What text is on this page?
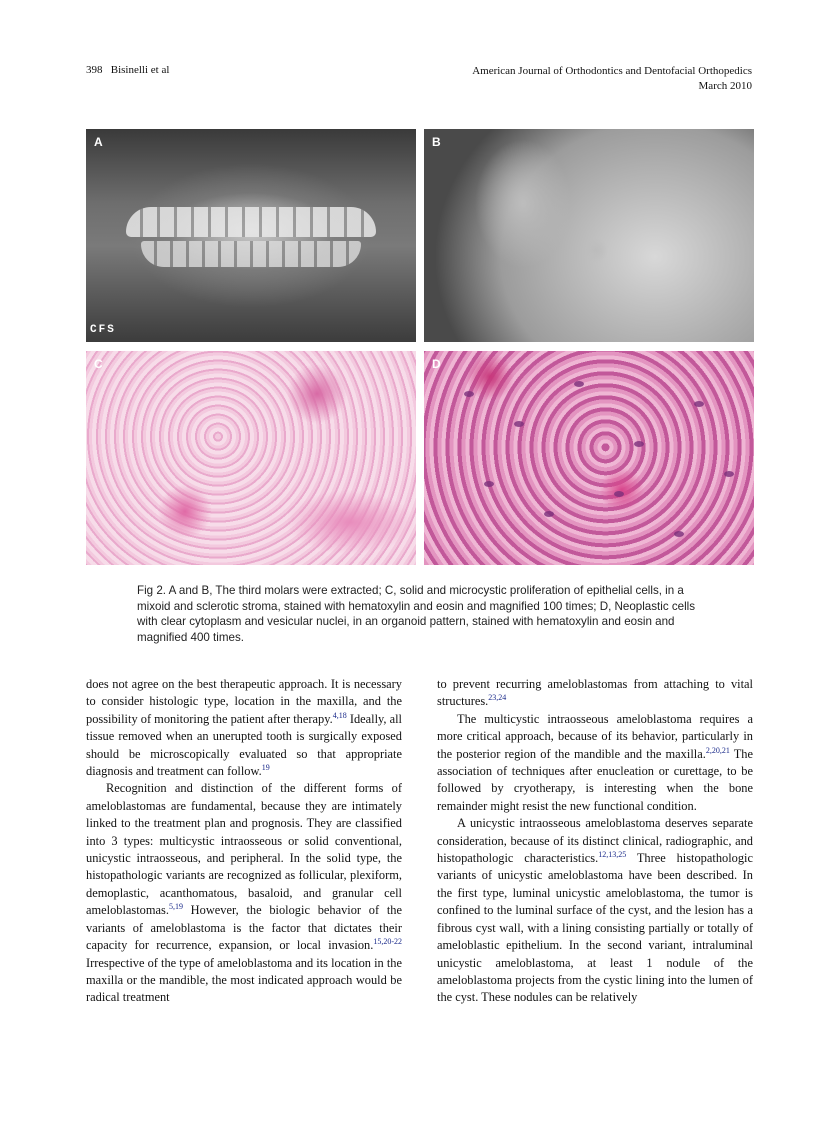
398   Bisinelli et al	American Journal of Orthodontics and Dentofacial Orthopedics
March 2010
A
CFS
B
C	D
Fig 2. A and B, The third molars were extracted; C, solid and microcystic proliferation of epithelial cells, in a mixoid and sclerotic stroma, stained with hematoxylin and eosin and magnified 100 times; D, Neoplastic cells with clear cytoplasm and vesicular nuclei, in an organoid pattern, stained with hematoxylin and eosin and magnified 400 times.

does not agree on the best therapeutic approach. It is necessary to consider histologic type, location in the maxilla, and the possibility of monitoring the patient after therapy.$^{4,18}$ Ideally, all tissue removed when an unerupted tooth is surgically exposed should be microscopically evaluated so that appropriate diagnosis and treatment can follow.$^{19}$

Recognition and distinction of the different forms of ameloblastomas are fundamental, because they are intimately linked to the treatment plan and prognosis. They are classified into 3 types: multicystic intraosseous or solid conventional, unicystic intraosseous, and peripheral. In the solid type, the histopathologic variants are recognized as follicular, plexiform, demoplastic, acanthomatous, basaloid, and granular cell ameloblastomas.$^{5,19}$ However, the biologic behavior of the variants of ameloblastoma is the factor that dictates their capacity for recurrence, expansion, or local invasion.$^{15,20-22}$ Irrespective of the type of ameloblastoma and its location in the maxilla or the mandible, the most indicated approach would be radical treatment

to prevent recurring ameloblastomas from attaching to vital structures.$^{23,24}$

The multicystic intraosseous ameloblastoma requires a more critical approach, because of its behavior, particularly in the posterior region of the mandible and the maxilla.$^{2,20,21}$ The association of techniques after enucleation or curettage, to be followed by cryotherapy, is interesting when the bone remainder might resist the new functional condition.

A unicystic intraosseous ameloblastoma deserves separate consideration, because of its distinct clinical, radiographic, and histopathologic characteristics.$^{12,13,25}$ Three histopathologic variants of unicystic ameloblastoma have been described. In the first type, luminal unicystic ameloblastoma, the tumor is confined to the luminal surface of the cyst, and the lesion has a fibrous cyst wall, with a lining consisting partially or totally of ameloblastic epithelium. In the second variant, intraluminal unicystic ameloblastoma, at least 1 nodule of the ameloblastoma projects from the cystic lining into the lumen of the cyst. These nodules can be relatively
